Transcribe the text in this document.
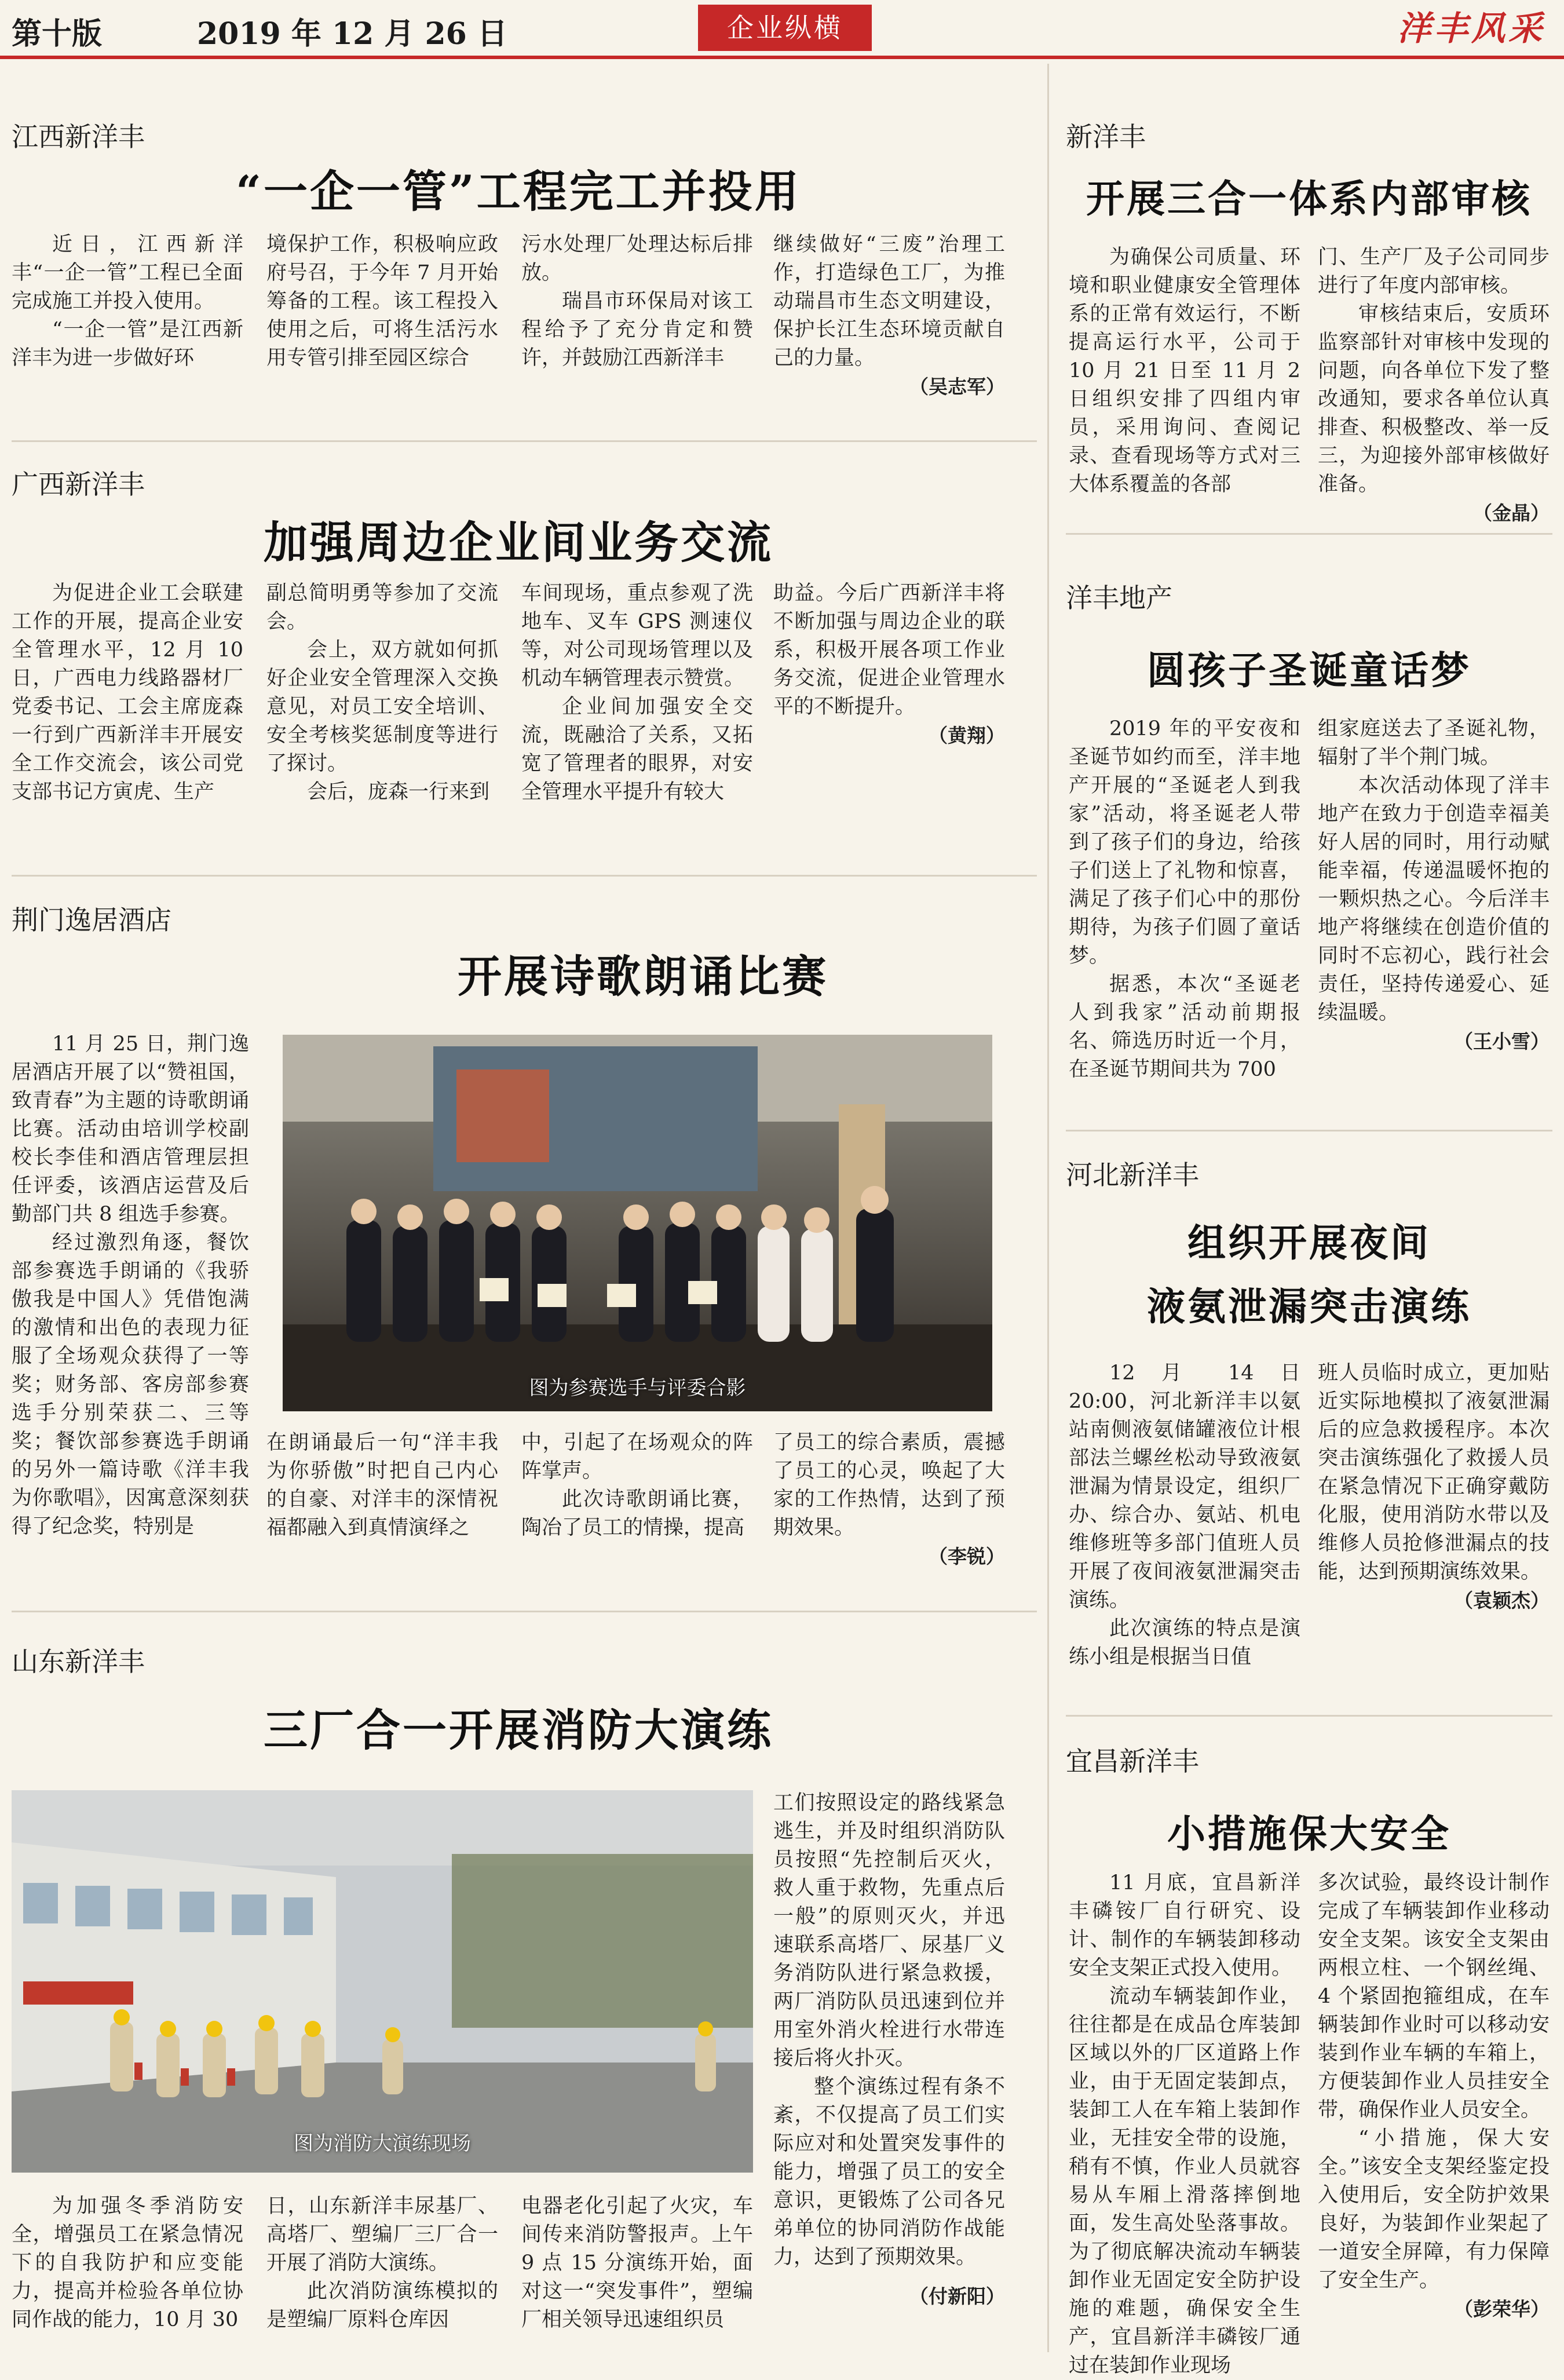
第十版	2019 年 12 月 26 日	企业纵横	洋丰风采
江西新洋丰
“一企一管”工程完工并投用

近日，江西新洋丰“一企一管”工程已全面完成施工并投入使用。

“一企一管”是江西新洋丰为进一步做好环

境保护工作，积极响应政府号召，于今年 7 月开始筹备的工程。该工程投入使用之后，可将生活污水用专管引排至园区综合

污水处理厂处理达标后排放。

瑞昌市环保局对该工程给予了充分肯定和赞许，并鼓励江西新洋丰

继续做好“三废”治理工作，打造绿色工厂，为推动瑞昌市生态文明建设，保护长江生态环境贡献自己的力量。

（吴志军）
广西新洋丰
加强周边企业间业务交流

为促进企业工会联建工作的开展，提高企业安全管理水平，12 月 10 日，广西电力线路器材厂党委书记、工会主席庞森一行到广西新洋丰开展安全工作交流会，该公司党支部书记方寅虎、生产

副总简明勇等参加了交流会。

会上，双方就如何抓好企业安全管理深入交换意见，对员工安全培训、安全考核奖惩制度等进行了探讨。

会后，庞森一行来到

车间现场，重点参观了洗地车、叉车 GPS 测速仪等，对公司现场管理以及机动车辆管理表示赞赏。

企业间加强安全交流，既融洽了关系，又拓宽了管理者的眼界，对安全管理水平提升有较大

助益。今后广西新洋丰将不断加强与周边企业的联系，积极开展各项工作业务交流，促进企业管理水平的不断提升。

（黄翔）
荆门逸居酒店
开展诗歌朗诵比赛

11 月 25 日，荆门逸居酒店开展了以“赞祖国，致青春”为主题的诗歌朗诵比赛。活动由培训学校副校长李佳和酒店管理层担任评委，该酒店运营及后勤部门共 8 组选手参赛。

经过激烈角逐，餐饮部参赛选手朗诵的《我骄傲我是中国人》凭借饱满的激情和出色的表现力征服了全场观众获得了一等奖；财务部、客房部参赛选手分别荣获二、三等奖；餐饮部参赛选手朗诵的另外一篇诗歌《洋丰我为你歌唱》，因寓意深刻获得了纪念奖，特别是

图为参赛选手与评委合影

在朗诵最后一句“洋丰我为你骄傲”时把自己内心的自豪、对洋丰的深情祝福都融入到真情演绎之

中，引起了在场观众的阵阵掌声。

此次诗歌朗诵比赛，陶冶了员工的情操，提高

了员工的综合素质，震撼了员工的心灵，唤起了大家的工作热情，达到了预期效果。

（李锐）
山东新洋丰
三厂合一开展消防大演练
图为消防大演练现场

为加强冬季消防安全，增强员工在紧急情况下的自我防护和应变能力，提高并检验各单位协同作战的能力，10 月 30

日，山东新洋丰尿基厂、高塔厂、塑编厂三厂合一开展了消防大演练。

此次消防演练模拟的是塑编厂原料仓库因

电器老化引起了火灾，车间传来消防警报声。上午 9 点 15 分演练开始，面对这一“突发事件”，塑编厂相关领导迅速组织员

工们按照设定的路线紧急逃生，并及时组织消防队员按照“先控制后灭火，救人重于救物，先重点后一般”的原则灭火，并迅速联系高塔厂、尿基厂义务消防队进行紧急救援，两厂消防队员迅速到位并用室外消火栓进行水带连接后将火扑灭。

整个演练过程有条不紊，不仅提高了员工们实际应对和处置突发事件的能力，增强了员工的安全意识，更锻炼了公司各兄弟单位的协同消防作战能力，达到了预期效果。

（付新阳）
新洋丰
开展三合一体系内部审核

为确保公司质量、环境和职业健康安全管理体系的正常有效运行，不断提高运行水平，公司于 10 月 21 日至 11 月 2 日组织安排了四组内审员，采用询问、查阅记录、查看现场等方式对三大体系覆盖的各部

门、生产厂及子公司同步进行了年度内部审核。

审核结束后，安质环监察部针对审核中发现的问题，向各单位下发了整改通知，要求各单位认真排查、积极整改、举一反三，为迎接外部审核做好准备。

（金晶）
洋丰地产
圆孩子圣诞童话梦

2019 年的平安夜和圣诞节如约而至，洋丰地产开展的“圣诞老人到我家”活动，将圣诞老人带到了孩子们的身边，给孩子们送上了礼物和惊喜，满足了孩子们心中的那份期待，为孩子们圆了童话梦。

据悉，本次“圣诞老人到我家”活动前期报名、筛选历时近一个月，在圣诞节期间共为 700

组家庭送去了圣诞礼物，辐射了半个荆门城。

本次活动体现了洋丰地产在致力于创造幸福美好人居的同时，用行动赋能幸福，传递温暖怀抱的一颗炽热之心。今后洋丰地产将继续在创造价值的同时不忘初心，践行社会责任，坚持传递爱心、延续温暖。

（王小雪）
河北新洋丰
组织开展夜间
液氨泄漏突击演练

12 月 14 日 20:00，河北新洋丰以氨站南侧液氨储罐液位计根部法兰螺丝松动导致液氨泄漏为情景设定，组织厂办、综合办、氨站、机电维修班等多部门值班人员开展了夜间液氨泄漏突击演练。

此次演练的特点是演练小组是根据当日值

班人员临时成立，更加贴近实际地模拟了液氨泄漏后的应急救援程序。本次突击演练强化了救援人员在紧急情况下正确穿戴防化服，使用消防水带以及维修人员抢修泄漏点的技能，达到预期演练效果。

（袁颖杰）
宜昌新洋丰
小措施保大安全

11 月底，宜昌新洋丰磷铵厂自行研究、设计、制作的车辆装卸移动安全支架正式投入使用。

流动车辆装卸作业，往往都是在成品仓库装卸区域以外的厂区道路上作业，由于无固定装卸点，装卸工人在车箱上装卸作业，无挂安全带的设施，稍有不慎，作业人员就容易从车厢上滑落摔倒地面，发生高处坠落事故。为了彻底解决流动车辆装卸作业无固定安全防护设施的难题，确保安全生产，宜昌新洋丰磷铵厂通过在装卸作业现场

多次试验，最终设计制作完成了车辆装卸作业移动安全支架。该安全支架由两根立柱、一个钢丝绳、4 个紧固抱箍组成，在车辆装卸作业时可以移动安装到作业车辆的车箱上，方便装卸作业人员挂安全带，确保作业人员安全。

“小措施，保大安全。”该安全支架经鉴定投入使用后，安全防护效果良好，为装卸作业架起了一道安全屏障，有力保障了安全生产。

（彭荣华）
